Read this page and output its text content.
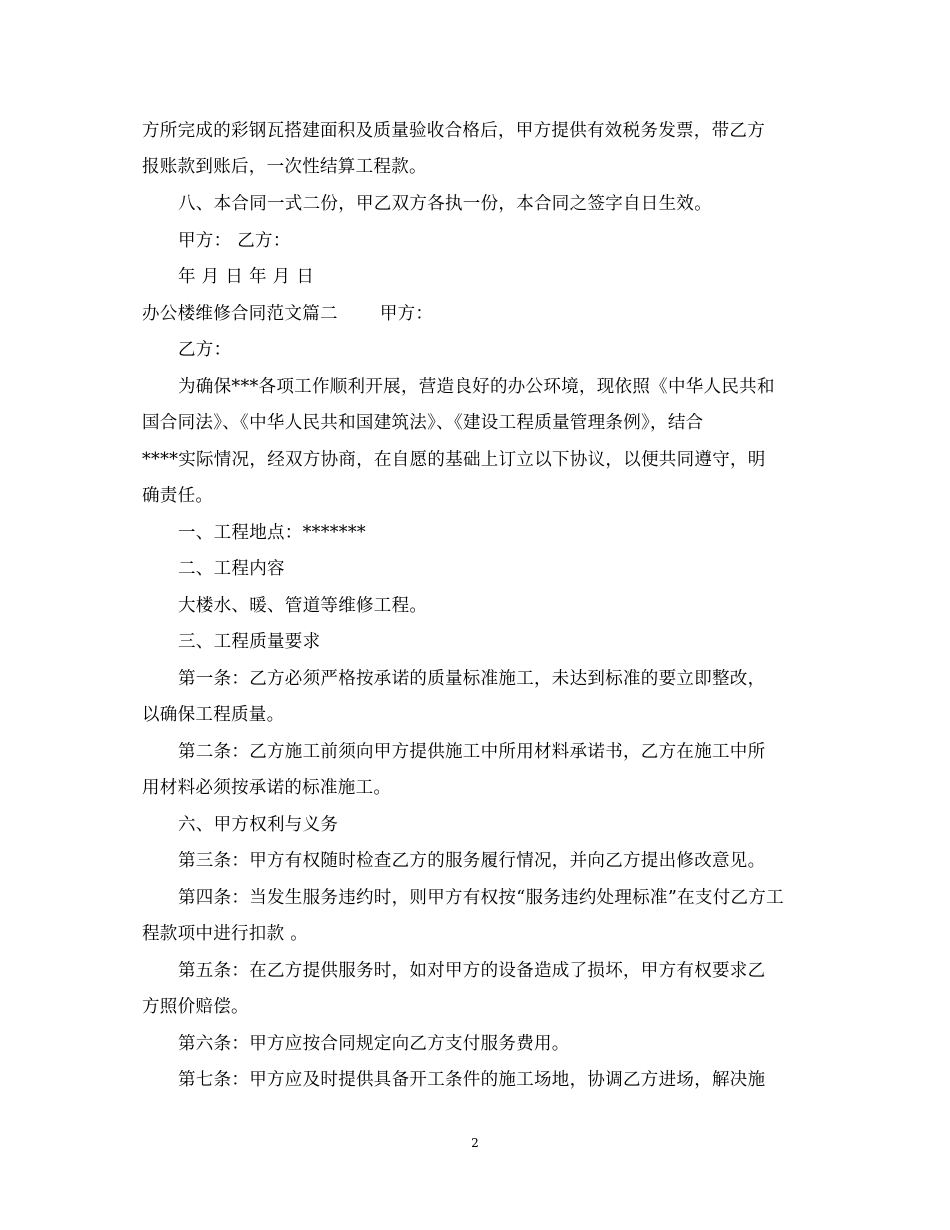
方所完成的彩钢瓦搭建面积及质量验收合格后，甲方提供有效税务发票，带乙方
报账款到账后，一次性结算工程款。
八、本合同一式二份，甲乙双方各执一份，本合同之签字自日生效。
甲方： 乙方：
年 月 日 年 月 日
办公楼维修合同范文篇二 甲方：
乙方：
为确保***各项工作顺利开展，营造良好的办公环境，现依照《中华人民共和
国合同法》、《中华人民共和国建筑法》、《建设工程质量管理条例》，结合
****实际情况，经双方协商，在自愿的基础上订立以下协议，以便共同遵守，明
确责任。
一、工程地点：*******
二、工程内容
大楼水、暖、管道等维修工程。
三、工程质量要求
第一条：乙方必须严格按承诺的质量标准施工，未达到标准的要立即整改，
以确保工程质量。
第二条：乙方施工前须向甲方提供施工中所用材料承诺书，乙方在施工中所
用材料必须按承诺的标准施工。
六、甲方权利与义务
第三条：甲方有权随时检查乙方的服务履行情况，并向乙方提出修改意见。
第四条：当发生服务违约时，则甲方有权按“服务违约处理标准”在支付乙方工
程款项中进行扣款 。
第五条：在乙方提供服务时，如对甲方的设备造成了损坏，甲方有权要求乙
方照价赔偿。
第六条：甲方应按合同规定向乙方支付服务费用。
第七条：甲方应及时提供具备开工条件的施工场地，协调乙方进场，解决施
2
